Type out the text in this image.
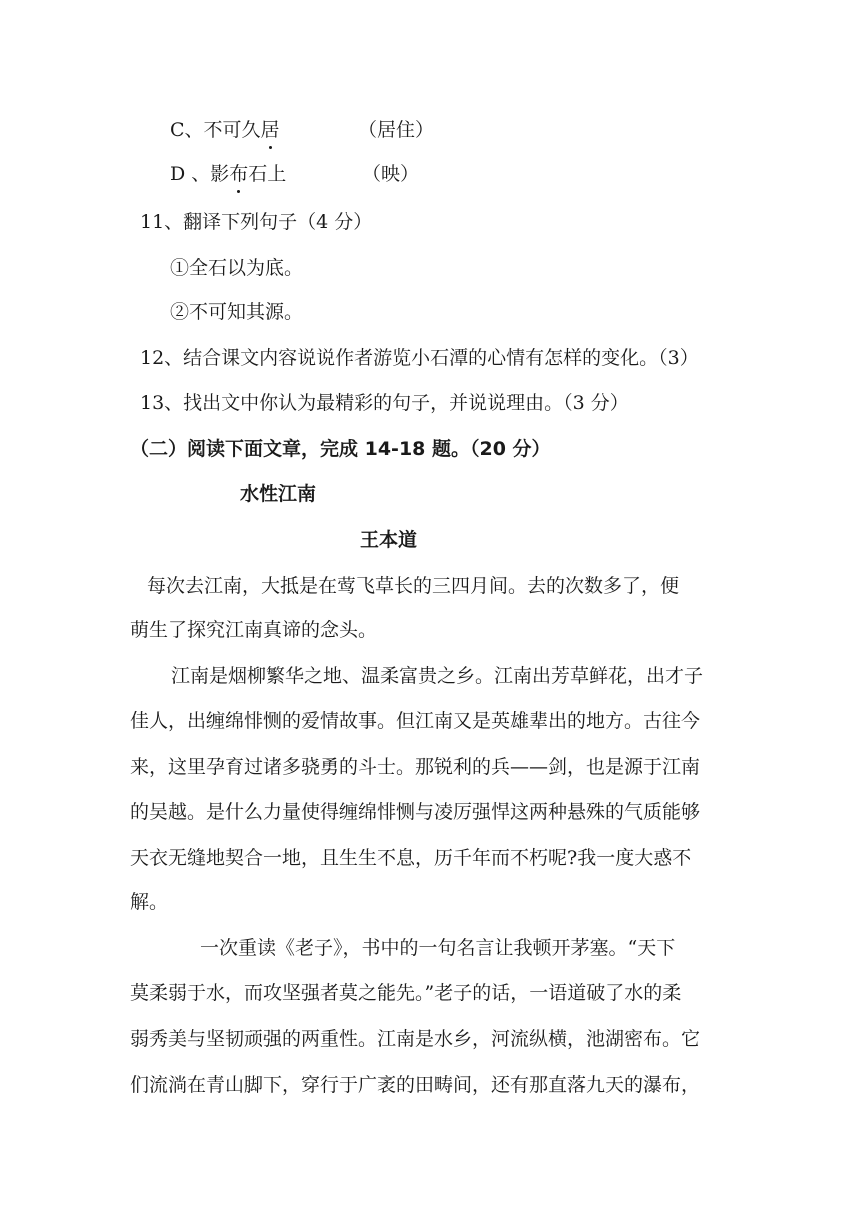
C、不可久居	（居住）
D 、影布石上	（映）
11、翻译下列句子（4 分）
①全石以为底。
②不可知其源。
12、结合课文内容说说作者游览小石潭的心情有怎样的变化。（3）
13、找出文中你认为最精彩的句子，并说说理由。（3 分）
（二）阅读下面文章，完成 14-18 题。（20 分）
水性江南
王本道
每次去江南，大抵是在莺飞草长的三四月间。去的次数多了，便
萌生了探究江南真谛的念头。
江南是烟柳繁华之地、温柔富贵之乡。江南出芳草鲜花，出才子
佳人，出缠绵悱恻的爱情故事。但江南又是英雄辈出的地方。古往今
来，这里孕育过诸多骁勇的斗士。那锐利的兵——剑，也是源于江南
的吴越。是什么力量使得缠绵悱恻与凌厉强悍这两种悬殊的气质能够
天衣无缝地契合一地，且生生不息，历千年而不朽呢?我一度大惑不
解。
一次重读《老子》，书中的一句名言让我顿开茅塞。“天下
莫柔弱于水，而攻坚强者莫之能先。”老子的话，一语道破了水的柔
弱秀美与坚韧顽强的两重性。江南是水乡，河流纵横，池湖密布。它
们流淌在青山脚下，穿行于广袤的田畴间，还有那直落九天的瀑布，
